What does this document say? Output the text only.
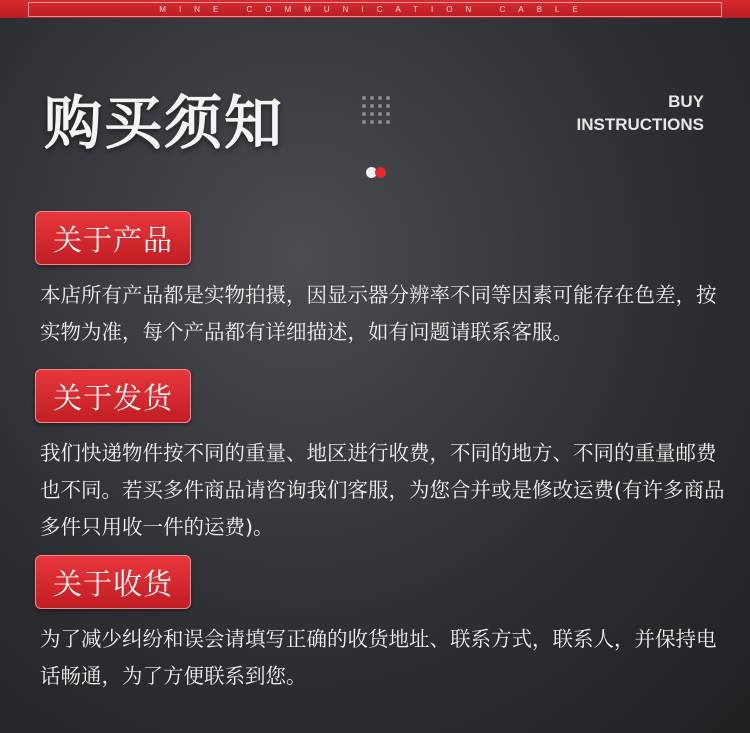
MINE COMMUNICATION CABLE
购买须知	BUY
INSTRUCTIONS
关于产品

本店所有产品都是实物拍摄，因显示器分辨率不同等因素可能存在色差，按实物为准，每个产品都有详细描述，如有问题请联系客服。

关于发货

我们快递物件按不同的重量、地区进行收费，不同的地方、不同的重量邮费也不同。若买多件商品请咨询我们客服，为您合并或是修改运费(有许多商品多件只用收一件的运费)。

关于收货

为了减少纠纷和误会请填写正确的收货地址、联系方式，联系人，并保持电话畅通，为了方便联系到您。
